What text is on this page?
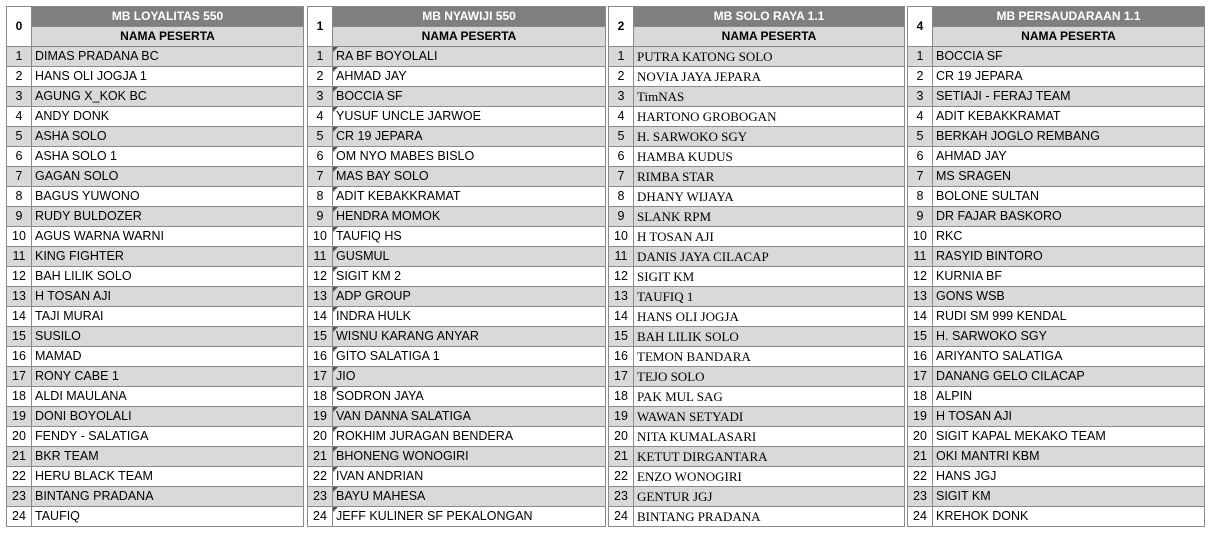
0	MB LOYALITAS 550
	NAMA PESERTA
1	DIMAS PRADANA BC
2	HANS OLI JOGJA 1
3	AGUNG X_KOK BC
4	ANDY DONK
5	ASHA SOLO
6	ASHA SOLO 1
7	GAGAN SOLO
8	BAGUS YUWONO
9	RUDY BULDOZER
10	AGUS WARNA WARNI
11	KING FIGHTER
12	BAH LILIK SOLO
13	H TOSAN AJI
14	TAJI MURAI
15	SUSILO
16	MAMAD
17	RONY CABE 1
18	ALDI MAULANA
19	DONI BOYOLALI
20	FENDY - SALATIGA
21	BKR TEAM
22	HERU BLACK TEAM
23	BINTANG PRADANA
24	TAUFIQ
1	MB NYAWIJI 550
	NAMA PESERTA
1	RA BF BOYOLALI
2	AHMAD JAY
3	BOCCIA SF
4	YUSUF UNCLE JARWOE
5	CR 19 JEPARA
6	OM NYO MABES BISLO
7	MAS BAY SOLO
8	ADIT KEBAKKRAMAT
9	HENDRA MOMOK
10	TAUFIQ HS
11	GUSMUL
12	SIGIT KM 2
13	ADP GROUP
14	INDRA HULK
15	WISNU KARANG ANYAR
16	GITO SALATIGA 1
17	JIO
18	SODRON JAYA
19	VAN DANNA SALATIGA
20	ROKHIM JURAGAN BENDERA
21	BHONENG WONOGIRI
22	IVAN ANDRIAN
23	BAYU MAHESA
24	JEFF KULINER SF PEKALONGAN
2	MB SOLO RAYA 1.1
	NAMA PESERTA
1	PUTRA KATONG SOLO
2	NOVIA JAYA JEPARA
3	TimNAS
4	HARTONO GROBOGAN
5	H. SARWOKO SGY
6	HAMBA KUDUS
7	RIMBA STAR
8	DHANY WIJAYA
9	SLANK RPM
10	H TOSAN AJI
11	DANIS JAYA CILACAP
12	SIGIT KM
13	TAUFIQ 1
14	HANS OLI JOGJA
15	BAH LILIK SOLO
16	TEMON BANDARA
17	TEJO SOLO
18	PAK MUL SAG
19	WAWAN SETYADI
20	NITA KUMALASARI
21	KETUT DIRGANTARA
22	ENZO WONOGIRI
23	GENTUR JGJ
24	BINTANG PRADANA
4	MB PERSAUDARAAN 1.1
	NAMA PESERTA
1	BOCCIA SF
2	CR 19 JEPARA
3	SETIAJI - FERAJ TEAM
4	ADIT KEBAKKRAMAT
5	BERKAH JOGLO REMBANG
6	AHMAD JAY
7	MS SRAGEN
8	BOLONE SULTAN
9	DR FAJAR BASKORO
10	RKC
11	RASYID BINTORO
12	KURNIA BF
13	GONS WSB
14	RUDI SM 999 KENDAL
15	H. SARWOKO SGY
16	ARIYANTO SALATIGA
17	DANANG GELO CILACAP
18	ALPIN
19	H TOSAN AJI
20	SIGIT KAPAL MEKAKO TEAM
21	OKI MANTRI KBM
22	HANS JGJ
23	SIGIT KM
24	KREHOK DONK
